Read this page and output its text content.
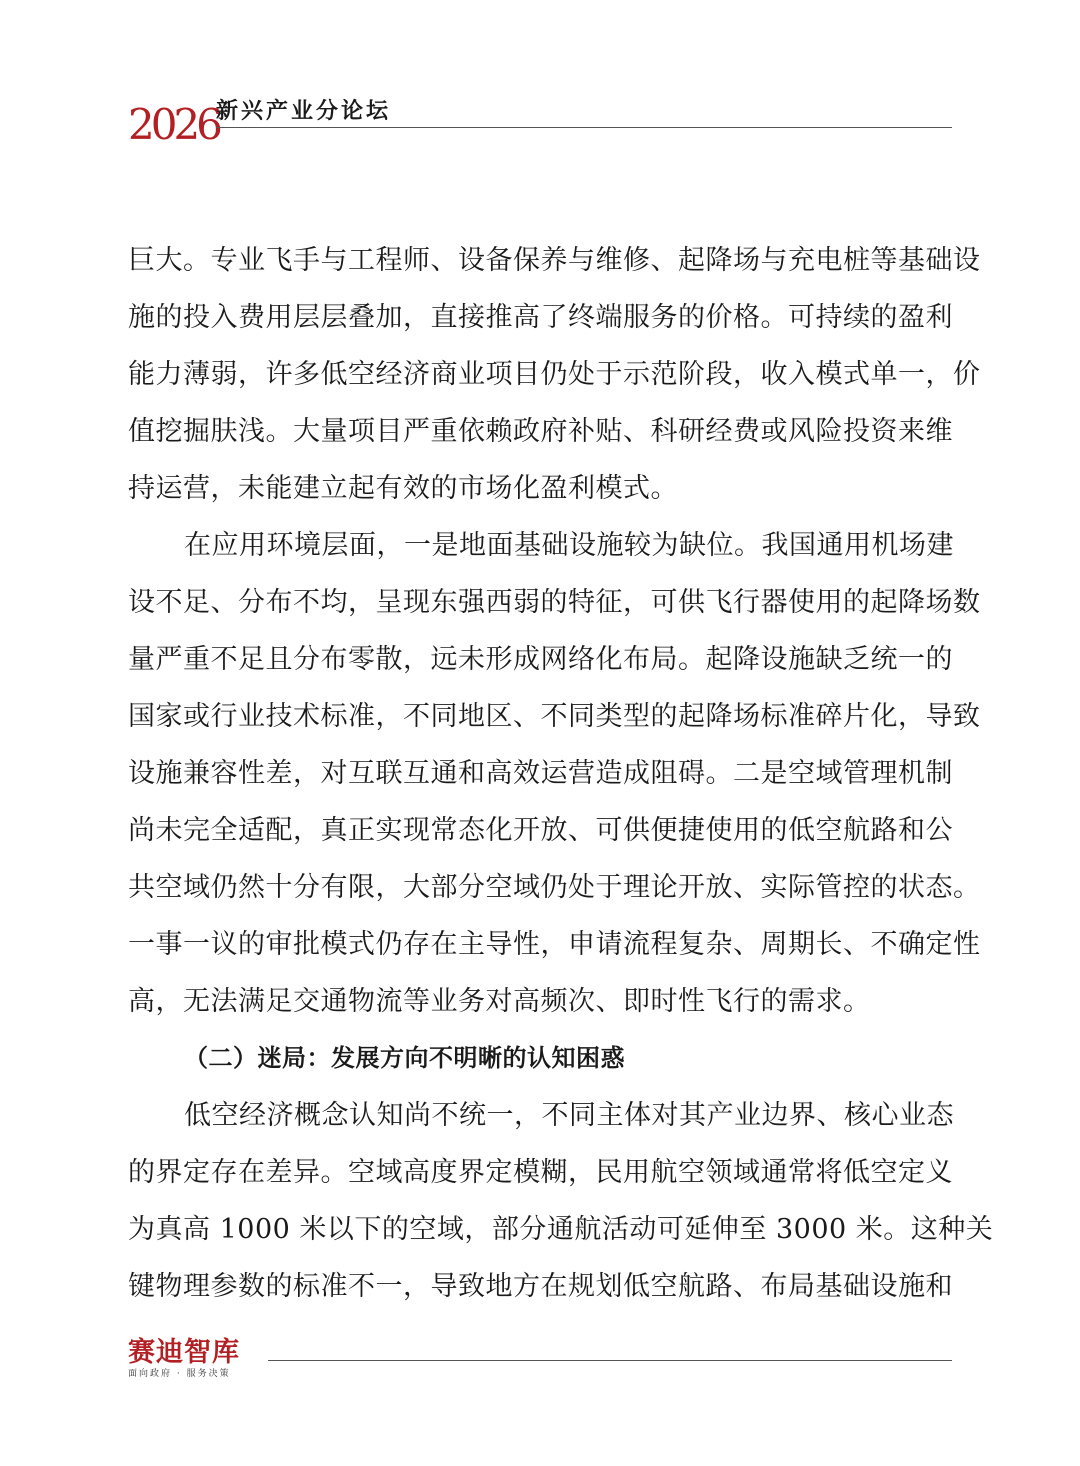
2026
新兴产业分论坛
巨大。专业飞手与工程师、设备保养与维修、起降场与充电桩等基础设
施的投入费用层层叠加，直接推高了终端服务的价格。可持续的盈利
能力薄弱，许多低空经济商业项目仍处于示范阶段，收入模式单一，价
值挖掘肤浅。大量项目严重依赖政府补贴、科研经费或风险投资来维
持运营，未能建立起有效的市场化盈利模式。
在应用环境层面，一是地面基础设施较为缺位。我国通用机场建
设不足、分布不均，呈现东强西弱的特征，可供飞行器使用的起降场数
量严重不足且分布零散，远未形成网络化布局。起降设施缺乏统一的
国家或行业技术标准，不同地区、不同类型的起降场标准碎片化，导致
设施兼容性差，对互联互通和高效运营造成阻碍。二是空域管理机制
尚未完全适配，真正实现常态化开放、可供便捷使用的低空航路和公
共空域仍然十分有限，大部分空域仍处于理论开放、实际管控的状态。
一事一议的审批模式仍存在主导性，申请流程复杂、周期长、不确定性
高，无法满足交通物流等业务对高频次、即时性飞行的需求。
（二）迷局：发展方向不明晰的认知困惑
低空经济概念认知尚不统一，不同主体对其产业边界、核心业态
的界定存在差异。空域高度界定模糊，民用航空领域通常将低空定义
为真高 1000 米以下的空域，部分通航活动可延伸至 3000 米。这种关
键物理参数的标准不一，导致地方在规划低空航路、布局基础设施和
赛迪智库
面向政府 · 服务决策
